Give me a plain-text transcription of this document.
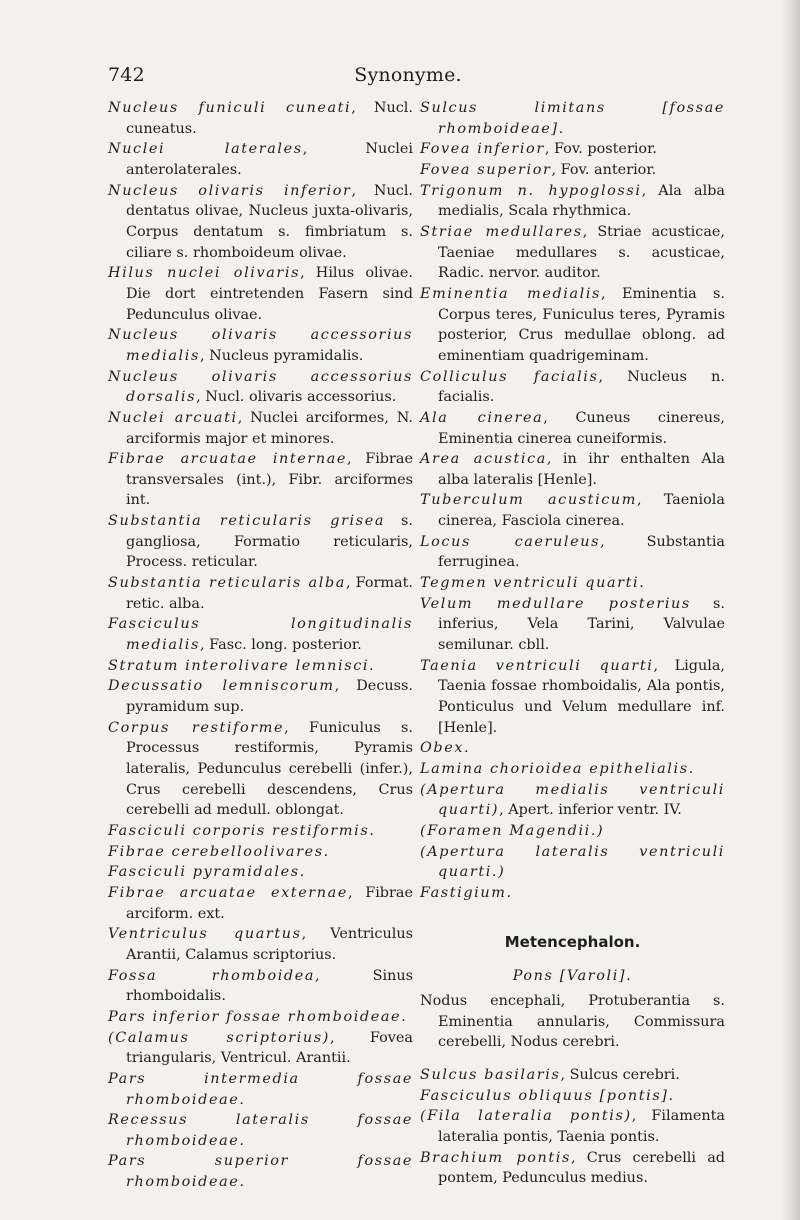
742	Synonyme.

Nucleus funiculi cuneati, Nucl. cuneatus.

Nuclei laterales, Nuclei anterolaterales.

Nucleus olivaris inferior, Nucl. dentatus olivae, Nucleus juxta-olivaris, Corpus dentatum s. fimbriatum s. ciliare s. rhomboideum olivae.

Hilus nuclei olivaris, Hilus olivae. Die dort eintretenden Fasern sind Pedunculus olivae.

Nucleus olivaris accessorius medialis, Nucleus pyramidalis.

Nucleus olivaris accessorius dorsalis, Nucl. olivaris accessorius.

Nuclei arcuati, Nuclei arciformes, N. arciformis major et minores.

Fibrae arcuatae internae, Fibrae transversales (int.), Fibr. arciformes int.

Substantia reticularis grisea s. gangliosa, Formatio reticularis, Process. reticular.

Substantia reticularis alba, Format. retic. alba.

Fasciculus longitudinalis medialis, Fasc. long. posterior.

Stratum interolivare lemnisci.

Decussatio lemniscorum, Decuss. pyramidum sup.

Corpus restiforme, Funiculus s. Processus restiformis, Pyramis lateralis, Pedunculus cerebelli (infer.), Crus cerebelli descendens, Crus cerebelli ad medull. oblongat.

Fasciculi corporis restiformis.

Fibrae cerebelloolivares.

Fasciculi pyramidales.

Fibrae arcuatae externae, Fibrae arciform. ext.

Ventriculus quartus, Ventriculus Arantii, Calamus scriptorius.

Fossa rhomboidea, Sinus rhomboidalis.

Pars inferior fossae rhomboideae.

(Calamus scriptorius), Fovea triangularis, Ventricul. Arantii.

Pars intermedia fossae rhomboideae.

Recessus lateralis fossae rhomboideae.

Pars superior fossae rhomboideae.

Sulcus limitans [fossae rhomboideae].

Fovea inferior, Fov. posterior.

Fovea superior, Fov. anterior.

Trigonum n. hypoglossi, Ala alba medialis, Scala rhythmica.

Striae medullares, Striae acusticae, Taeniae medullares s. acusticae, Radic. nervor. auditor.

Eminentia medialis, Eminentia s. Corpus teres, Funiculus teres, Pyramis posterior, Crus medullae oblong. ad eminentiam quadrigeminam.

Colliculus facialis, Nucleus n. facialis.

Ala cinerea, Cuneus cinereus, Eminentia cinerea cuneiformis.

Area acustica, in ihr enthalten Ala alba lateralis [Henle].

Tuberculum acusticum, Taeniola cinerea, Fasciola cinerea.

Locus caeruleus, Substantia ferruginea.

Tegmen ventriculi quarti.

Velum medullare posterius s. inferius, Vela Tarini, Valvulae semilunar. cbll.

Taenia ventriculi quarti, Ligula, Taenia fossae rhomboidalis, Ala pontis, Ponticulus und Velum medullare inf. [Henle].

Obex.

Lamina chorioidea epithelialis.

(Apertura medialis ventriculi quarti), Apert. inferior ventr. IV.

(Foramen Magendii.)

(Apertura lateralis ventriculi quarti.)

Fastigium.

Metencephalon.

Pons [Varoli].

Nodus encephali, Protuberantia s. Eminentia annularis, Commissura cerebelli, Nodus cerebri.

Sulcus basilaris, Sulcus cerebri.

Fasciculus obliquus [pontis].

(Fila lateralia pontis), Filamenta lateralia pontis, Taenia pontis.

Brachium pontis, Crus cerebelli ad pontem, Pedunculus medius.
